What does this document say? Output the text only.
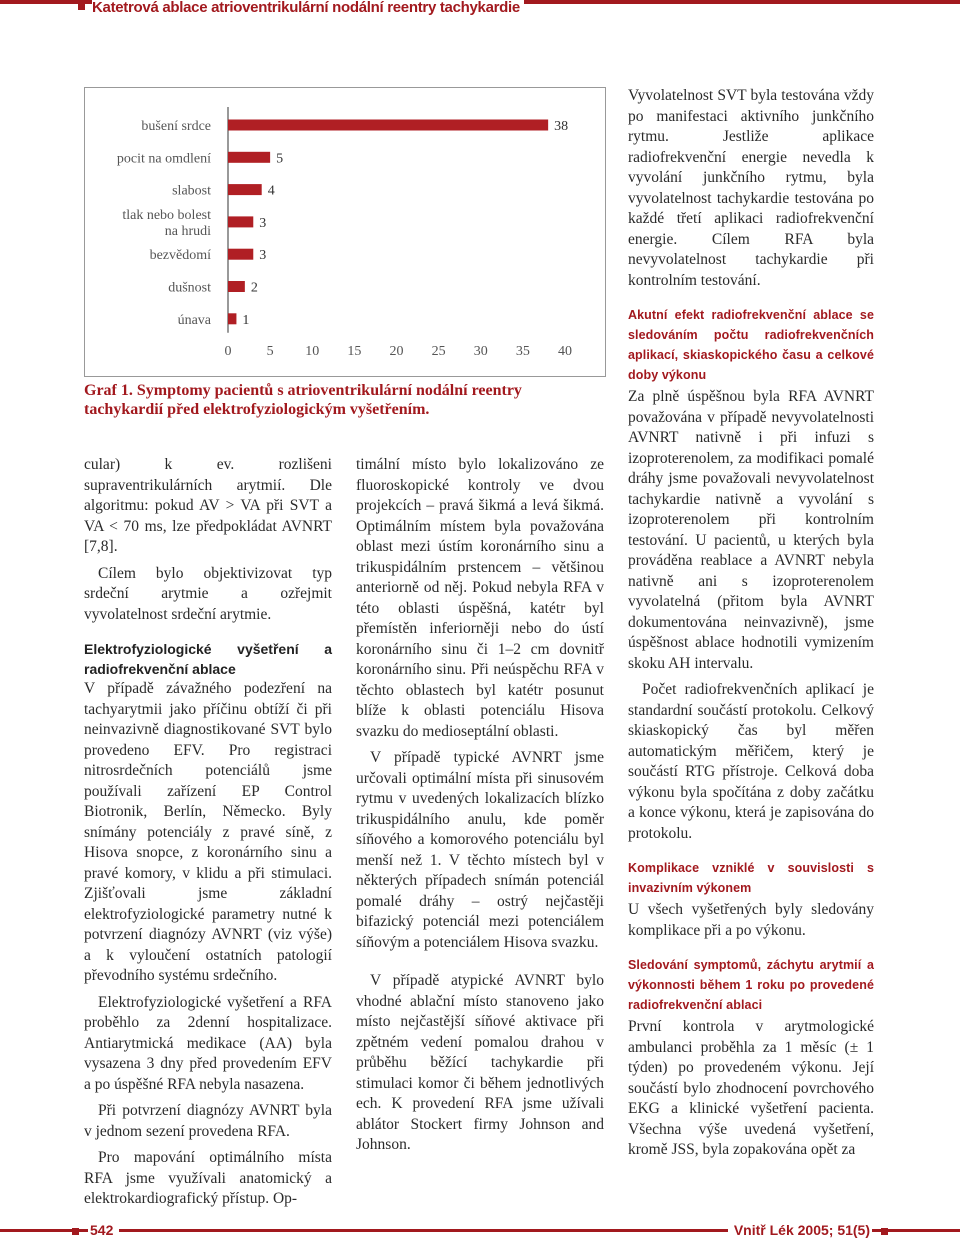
Katetrová ablace atrioventrikulární nodální reentry tachykardie
38
bušení srdce
5
pocit na omdlení
4
slabost
3
tlak nebo bolest
na hrudi
3
bezvědomí
2
dušnost
1
únava
0	5 10 15 20 25 30 35 40
Graf 1. Symptomy pacientů s atrioventrikulární nodální reentry tachykardií před elektrofyziologickým vyšetřením.

cular) k ev. rozlišeni supraventrikulárních arytmií. Dle algoritmu: pokud AV > VA při SVT a VA < 70 ms, lze předpokládat AVNRT [7,8].

Cílem bylo objektivizovat typ srdeční arytmie a ozřejmit vyvolatelnost srdeční arytmie.

Elektrofyziologické vyšetření a radiofrekvenční ablace

V případě závažného podezření na tachyarytmii jako příčinu obtíží či při neinvazivně diagnostikované SVT bylo provedeno EFV. Pro registraci nitrosrdečních potenciálů jsme používali zařízení EP Control Biotronik, Berlín, Německo. Byly snímány potenciály z pravé síně, z Hisova snopce, z koronárního sinu a pravé komory, v klidu a při stimulaci. Zjišťovali jsme základní elektrofyziologické parametry nutné k potvrzení diagnózy AVNRT (viz výše) a k vyloučení ostatních patologií převodního systému srdečního.

Elektrofyziologické vyšetření a RFA proběhlo za 2denní hospitalizace. Antiarytmická medikace (AA) byla vysazena 3 dny před provedením EFV a po úspěšné RFA nebyla nasazena.

Při potvrzení diagnózy AVNRT byla v jednom sezení provedena RFA.

Pro mapování optimálního místa RFA jsme využívali anatomický a elektrokardiografický přístup. Op-

timální místo bylo lokalizováno ze fluoroskopické kontroly ve dvou projekcích – pravá šikmá a levá šikmá. Optimálním místem byla považována oblast mezi ústím koronárního sinu a trikuspidálním prstencem – většinou anteriorně od něj. Pokud nebyla RFA v této oblasti úspěšná, katétr byl přemístěn inferiorněji nebo do ústí koronárního sinu či 1–2 cm dovnitř koronárního sinu. Při neúspěchu RFA v těchto oblastech byl katétr posunut blíže k oblasti potenciálu Hisova svazku do medioseptální oblasti.

V případě typické AVNRT jsme určovali optimální místa při sinusovém rytmu v uvedených lokalizacích blízko trikuspidálního anulu, kde poměr síňového a komorového potenciálu byl menší než 1. V těchto místech byl v některých případech snímán potenciál pomalé dráhy – ostrý nejčastěji bifazický potenciál mezi potenciálem síňovým a potenciálem Hisova svazku.

V případě atypické AVNRT bylo vhodné ablační místo stanoveno jako místo nejčastější síňové aktivace při zpětném vedení pomalou drahou v průběhu běžící tachykardie při stimulaci komor či během jednotlivých ech. K provedení RFA jsme užívali ablátor Stockert firmy Johnson and Johnson.

Vyvolatelnost SVT byla testována vždy po manifestaci aktivního junkčního rytmu. Jestliže aplikace radiofrekvenční energie nevedla k vyvolání junkčního rytmu, byla vyvolatelnost tachykardie testována po každé třetí aplikaci radiofrekvenční energie. Cílem RFA byla nevyvolatelnost tachykardie při kontrolním testování.

Akutní efekt radiofrekvenční ablace se sledováním počtu radiofrekvenčních aplikací, skiaskopického času a celkové doby výkonu

Za plně úspěšnou byla RFA AVNRT považována v případě nevyvolatelnosti AVNRT nativně i při infuzi s izoproterenolem, za modifikaci pomalé dráhy jsme považovali nevyvolatelnost tachykardie nativně a vyvolání s izoproterenolem při kontrolním testování. U pacientů, u kterých byla prováděna reablace a AVNRT nebyla nativně ani s izoproterenolem vyvolatelná (přitom byla AVNRT dokumentována neinvazivně), jsme úspěšnost ablace hodnotili vymizením skoku AH intervalu.

Počet radiofrekvenčních aplikací je standardní součástí protokolu. Celkový skiaskopický čas byl měřen automatickým měřičem, který je součástí RTG přístroje. Celková doba výkonu byla spočítána z doby začátku a konce výkonu, která je zapisována do protokolu.

Komplikace vzniklé v souvislosti s invazivním výkonem

U všech vyšetřených byly sledovány komplikace při a po výkonu.

Sledování symptomů, záchytu arytmií a výkonnosti během 1 roku po provedené radiofrekvenční ablaci

První kontrola v arytmologické ambulanci proběhla za 1 měsíc (± 1 týden) po provedeném výkonu. Její součástí bylo zhodnocení povrchového EKG a klinické vyšetření pacienta. Všechna výše uvedená vyšetření, kromě JSS, byla zopakována opět za

542	Vnitř Lék 2005; 51(5)
